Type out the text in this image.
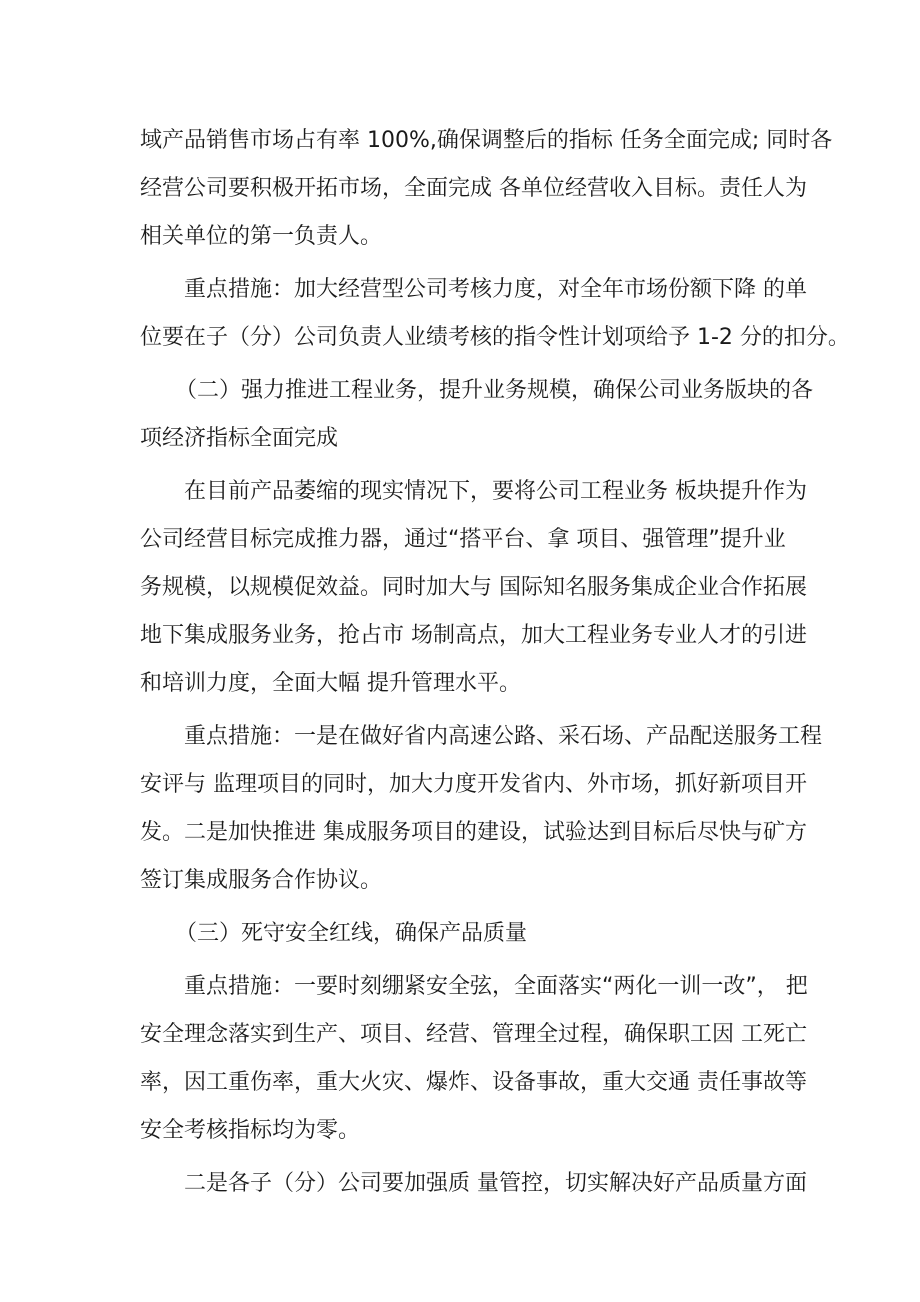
域产品销售市场占有率 100%,确保调整后的指标 任务全面完成; 同时各
经营公司要积极开拓市场，全面完成 各单位经营收入目标。责任人为
相关单位的第一负责人。
重点措施：加大经营型公司考核力度，对全年市场份额下降 的单
位要在子（分）公司负责人业绩考核的指令性计划项给予 1-2 分的扣分。
（二）强力推进工程业务，提升业务规模，确保公司业务版块的各
项经济指标全面完成
在目前产品萎缩的现实情况下，要将公司工程业务 板块提升作为
公司经营目标完成推力器，通过“搭平台、拿 项目、强管理”提升业
务规模，以规模促效益。同时加大与 国际知名服务集成企业合作拓展
地下集成服务业务，抢占市 场制高点，加大工程业务专业人才的引进
和培训力度，全面大幅 提升管理水平。
重点措施：一是在做好省内高速公路、采石场、产品配送服务工程
安评与 监理项目的同时，加大力度开发省内、外市场，抓好新项目开
发。二是加快推进 集成服务项目的建设，试验达到目标后尽快与矿方
签订集成服务合作协议。
（三）死守安全红线，确保产品质量
重点措施：一要时刻绷紧安全弦，全面落实“两化一训一改”， 把
安全理念落实到生产、项目、经营、管理全过程，确保职工因 工死亡
率，因工重伤率，重大火灾、爆炸、设备事故，重大交通 责任事故等
安全考核指标均为零。
二是各子（分）公司要加强质 量管控，切实解决好产品质量方面
